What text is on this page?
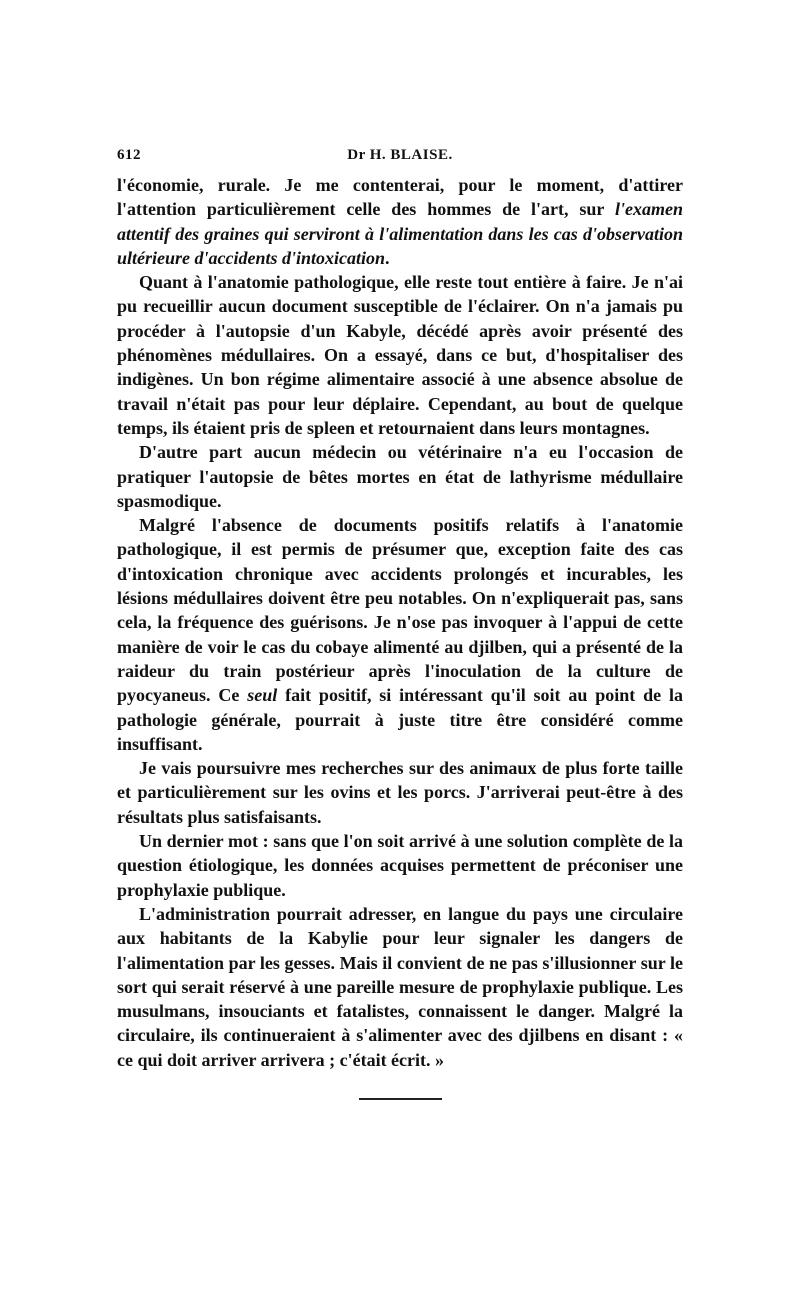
612	Dr H. BLAISE.

l'économie, rurale. Je me contenterai, pour le moment, d'attirer l'attention particulièrement celle des hommes de l'art, sur l'examen attentif des graines qui serviront à l'alimentation dans les cas d'observation ultérieure d'accidents d'intoxication.

Quant à l'anatomie pathologique, elle reste tout entière à faire. Je n'ai pu recueillir aucun document susceptible de l'éclairer. On n'a jamais pu procéder à l'autopsie d'un Kabyle, décédé après avoir présenté des phénomènes médullaires. On a essayé, dans ce but, d'hospitaliser des indigènes. Un bon régime alimentaire associé à une absence absolue de travail n'était pas pour leur déplaire. Cependant, au bout de quelque temps, ils étaient pris de spleen et retournaient dans leurs montagnes.

D'autre part aucun médecin ou vétérinaire n'a eu l'occasion de pratiquer l'autopsie de bêtes mortes en état de lathyrisme médullaire spasmodique.

Malgré l'absence de documents positifs relatifs à l'anatomie pathologique, il est permis de présumer que, exception faite des cas d'intoxication chronique avec accidents prolongés et incurables, les lésions médullaires doivent être peu notables. On n'expliquerait pas, sans cela, la fréquence des guérisons. Je n'ose pas invoquer à l'appui de cette manière de voir le cas du cobaye alimenté au djilben, qui a présenté de la raideur du train postérieur après l'inoculation de la culture de pyocyaneus. Ce seul fait positif, si intéressant qu'il soit au point de la pathologie générale, pourrait à juste titre être considéré comme insuffisant.

Je vais poursuivre mes recherches sur des animaux de plus forte taille et particulièrement sur les ovins et les porcs. J'arriverai peut-être à des résultats plus satisfaisants.

Un dernier mot : sans que l'on soit arrivé à une solution complète de la question étiologique, les données acquises permettent de préconiser une prophylaxie publique.

L'administration pourrait adresser, en langue du pays une circulaire aux habitants de la Kabylie pour leur signaler les dangers de l'alimentation par les gesses. Mais il convient de ne pas s'illusionner sur le sort qui serait réservé à une pareille mesure de prophylaxie publique. Les musulmans, insouciants et fatalistes, connaissent le danger. Malgré la circulaire, ils continueraient à s'alimenter avec des djilbens en disant : « ce qui doit arriver arrivera ; c'était écrit. »
